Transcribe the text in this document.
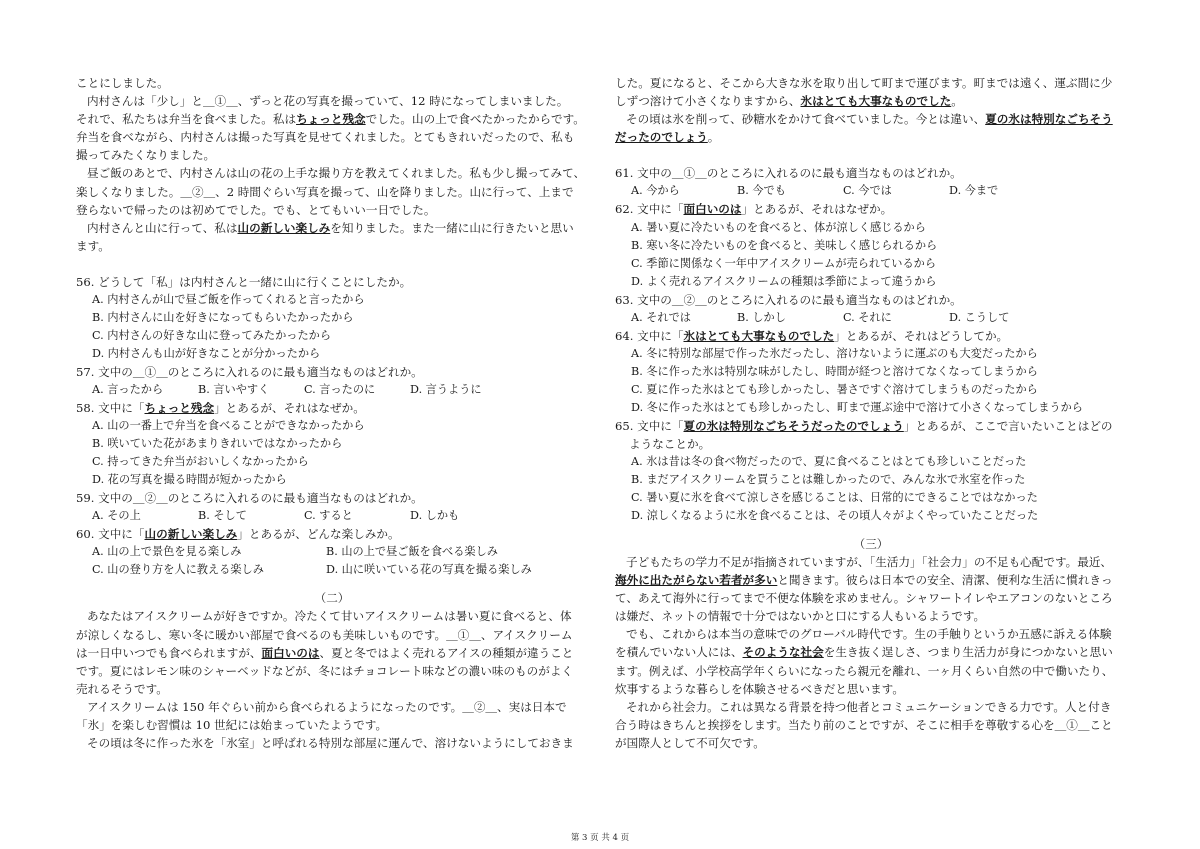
ことにしました。
内村さんは「少し」と＿①＿、ずっと花の写真を撮っていて、12 時になってしまいました。
それで、私たちは弁当を食べました。私はちょっと残念でした。山の上で食べたかったからです。
弁当を食べながら、内村さんは撮った写真を見せてくれました。とてもきれいだったので、私も
撮ってみたくなりました。
昼ご飯のあとで、内村さんは山の花の上手な撮り方を教えてくれました。私も少し撮ってみて、
楽しくなりました。＿②＿、2 時間ぐらい写真を撮って、山を降りました。山に行って、上まで
登らないで帰ったのは初めてでした。でも、とてもいい一日でした。
内村さんと山に行って、私は山の新しい楽しみを知りました。また一緒に山に行きたいと思い
ます。
56. どうして「私」は内村さんと一緒に山に行くことにしたか。
A. 内村さんが山で昼ご飯を作ってくれると言ったから
B. 内村さんに山を好きになってもらいたかったから
C. 内村さんの好きな山に登ってみたかったから
D. 内村さんも山が好きなことが分かったから
57. 文中の＿①＿のところに入れるのに最も適当なものはどれか。
A. 言ったから	B. 言いやすく	C. 言ったのに	D. 言うように
58. 文中に「ちょっと残念」とあるが、それはなぜか。
A. 山の一番上で弁当を食べることができなかったから
B. 咲いていた花があまりきれいではなかったから
C. 持ってきた弁当がおいしくなかったから
D. 花の写真を撮る時間が短かったから
59. 文中の＿②＿のところに入れるのに最も適当なものはどれか。
A. その上	B. そして	C. すると	D. しかも
60. 文中に「山の新しい楽しみ」とあるが、どんな楽しみか。
A. 山の上で景色を見る楽しみ	B. 山の上で昼ご飯を食べる楽しみ
C. 山の登り方を人に教える楽しみ	D. 山に咲いている花の写真を撮る楽しみ
（二）
あなたはアイスクリームが好きですか。冷たくて甘いアイスクリームは暑い夏に食べると、体
が涼しくなるし、寒い冬に暖かい部屋で食べるのも美味しいものです。＿①＿、アイスクリーム
は一日中いつでも食べられますが、面白いのは、夏と冬ではよく売れるアイスの種類が違うこと
です。夏にはレモン味のシャーベッドなどが、冬にはチョコレート味などの濃い味のものがよく
売れるそうです。
アイスクリームは 150 年ぐらい前から食べられるようになったのです。＿②＿、実は日本で
「氷」を楽しむ習慣は 10 世紀には始まっていたようです。
その頃は冬に作った氷を「氷室」と呼ばれる特別な部屋に運んで、溶けないようにしておきま
した。夏になると、そこから大きな氷を取り出して町まで運びます。町までは遠く、運ぶ間に少
しずつ溶けて小さくなりますから、氷はとても大事なものでした。
その頃は氷を削って、砂糖水をかけて食べていました。今とは違い、夏の氷は特別なごちそう
だったのでしょう。
61. 文中の＿①＿のところに入れるのに最も適当なものはどれか。
A. 今から	B. 今でも	C. 今では	D. 今まで
62. 文中に「面白いのは」とあるが、それはなぜか。
A. 暑い夏に冷たいものを食べると、体が涼しく感じるから
B. 寒い冬に冷たいものを食べると、美味しく感じられるから
C. 季節に関係なく一年中アイスクリームが売られているから
D. よく売れるアイスクリームの種類は季節によって違うから
63. 文中の＿②＿のところに入れるのに最も適当なものはどれか。
A. それでは	B. しかし	C. それに	D. こうして
64. 文中に「氷はとても大事なものでした」とあるが、それはどうしてか。
A. 冬に特別な部屋で作った氷だったし、溶けないように運ぶのも大変だったから
B. 冬に作った氷は特別な味がしたし、時間が経つと溶けてなくなってしまうから
C. 夏に作った氷はとても珍しかったし、暑さですぐ溶けてしまうものだったから
D. 冬に作った氷はとても珍しかったし、町まで運ぶ途中で溶けて小さくなってしまうから
65. 文中に「夏の氷は特別なごちそうだったのでしょう」とあるが、ここで言いたいことはどの
ようなことか。
A. 氷は昔は冬の食べ物だったので、夏に食べることはとても珍しいことだった
B. まだアイスクリームを買うことは難しかったので、みんな氷で氷室を作った
C. 暑い夏に氷を食べて涼しさを感じることは、日常的にできることではなかった
D. 涼しくなるように氷を食べることは、その頃人々がよくやっていたことだった
（三）
子どもたちの学力不足が指摘されていますが、「生活力」「社会力」の不足も心配です。最近、
海外に出たがらない若者が多いと聞きます。彼らは日本での安全、清潔、便利な生活に慣れきっ
て、あえて海外に行ってまで不便な体験を求めません。シャワートイレやエアコンのないところ
は嫌だ、ネットの情報で十分ではないかと口にする人もいるようです。
でも、これからは本当の意味でのグローバル時代です。生の手触りというか五感に訴える体験
を積んでいない人には、そのような社会を生き抜く逞しさ、つまり生活力が身につかないと思い
ます。例えば、小学校高学年くらいになったら親元を離れ、一ヶ月くらい自然の中で働いたり、
炊事するような暮らしを体験させるべきだと思います。
それから社会力。これは異なる背景を持つ他者とコミュニケーションできる力です。人と付き
合う時はきちんと挨拶をします。当たり前のことですが、そこに相手を尊敬する心を＿①＿こと
が国際人として不可欠です。
第 3 页 共 4 页
